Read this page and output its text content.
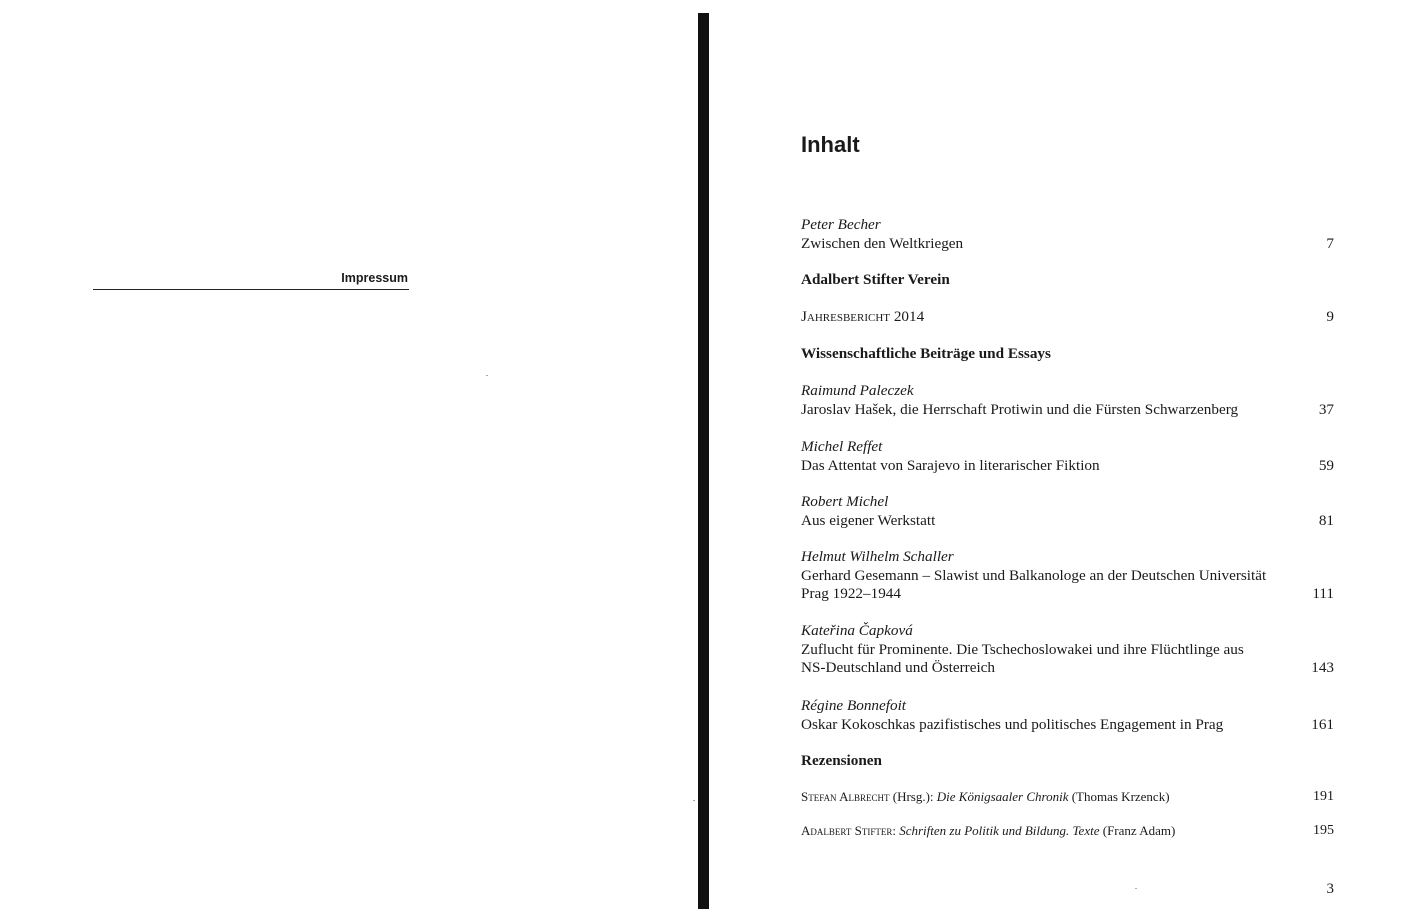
Impressum
Inhalt
Peter Becher
Zwischen den Weltkriegen	7
Adalbert Stifter Verein
Jahresbericht 2014	9
Wissenschaftliche Beiträge und Essays
Raimund Paleczek
Jaroslav Hašek, die Herrschaft Protiwin und die Fürsten Schwarzenberg	37
Michel Reffet
Das Attentat von Sarajevo in literarischer Fiktion	59
Robert Michel
Aus eigener Werkstatt	81
Helmut Wilhelm Schaller
Gerhard Gesemann – Slawist und Balkanologe an der Deutschen Universität
Prag 1922–1944	111
Kateřina Čapková
Zuflucht für Prominente. Die Tschechoslowakei und ihre Flüchtlinge aus
NS-Deutschland und Österreich	143
Régine Bonnefoit
Oskar Kokoschkas pazifistisches und politisches Engagement in Prag	161
Rezensionen
Stefan Albrecht (Hrsg.): Die Königsaaler Chronik (Thomas Krzenck)	191
Adalbert Stifter: Schriften zu Politik und Bildung. Texte (Franz Adam)	195
3
